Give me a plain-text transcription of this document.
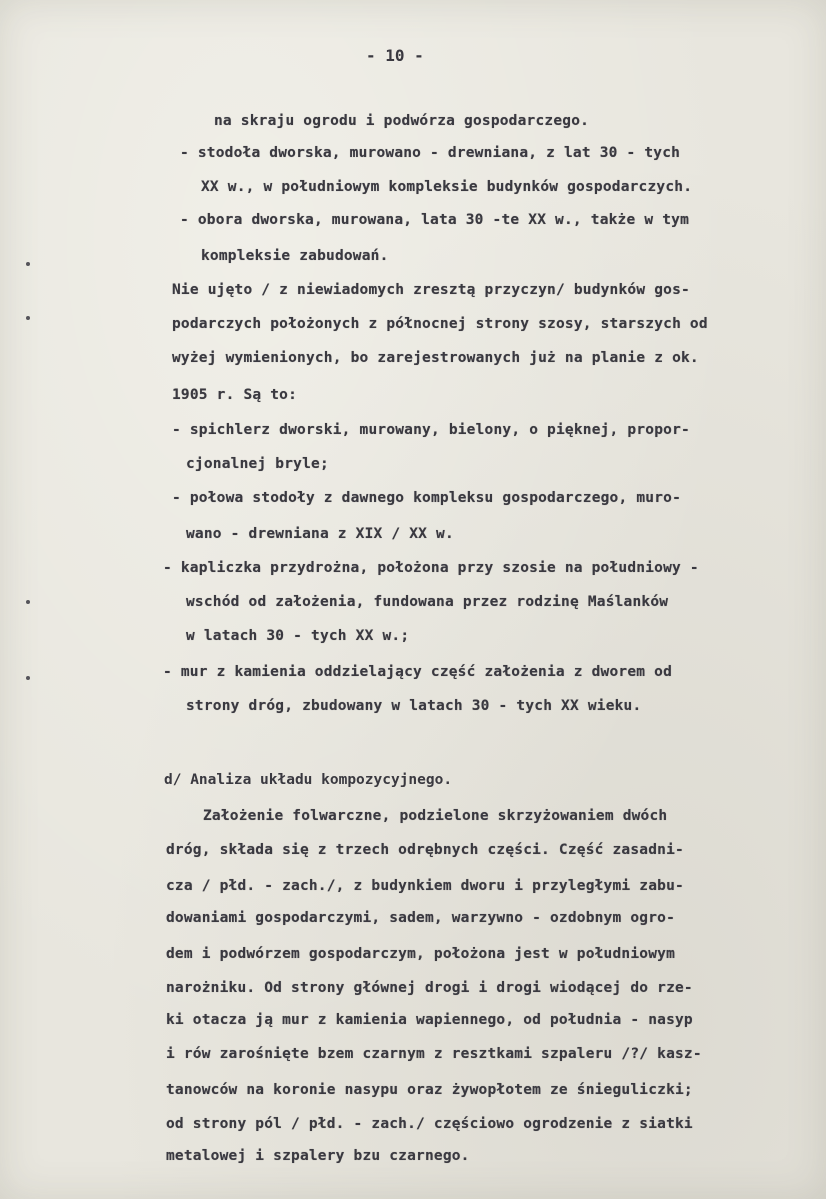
- 10 -
na skraju ogrodu i podwórza gospodarczego.
- stodoła dworska, murowano - drewniana, z lat 30 - tych
XX w., w południowym kompleksie budynków gospodarczych.
- obora dworska, murowana, lata 30 -te XX w., także w tym
kompleksie zabudowań.
Nie ujęto / z niewiadomych zresztą przyczyn/ budynków gos-
podarczych położonych z północnej strony szosy, starszych od
wyżej wymienionych, bo zarejestrowanych już na planie z ok.
1905 r. Są to:
- spichlerz dworski, murowany, bielony, o pięknej, propor-
cjonalnej bryle;
- połowa stodoły z dawnego kompleksu gospodarczego, muro-
wano - drewniana z XIX / XX w.
- kapliczka przydrożna, położona przy szosie na południowy -
wschód od założenia, fundowana przez rodzinę Maślanków
w latach 30 - tych XX w.;
- mur z kamienia oddzielający część założenia z dworem od
strony dróg, zbudowany w latach 30 - tych XX wieku.
d/ Analiza układu kompozycyjnego.
Założenie folwarczne, podzielone skrzyżowaniem dwóch
dróg, składa się z trzech odrębnych części. Część zasadni-
cza / płd. - zach./, z budynkiem dworu i przyległymi zabu-
dowaniami gospodarczymi, sadem, warzywno - ozdobnym ogro-
dem i podwórzem gospodarczym, położona jest w południowym
narożniku. Od strony głównej drogi i drogi wiodącej do rze-
ki otacza ją mur z kamienia wapiennego, od południa - nasyp
i rów zarośnięte bzem czarnym z resztkami szpaleru /?/ kasz-
tanowców na koronie nasypu oraz żywopłotem ze śnieguliczki;
od strony pól / płd. - zach./ częściowo ogrodzenie z siatki
metalowej i szpalery bzu czarnego.
